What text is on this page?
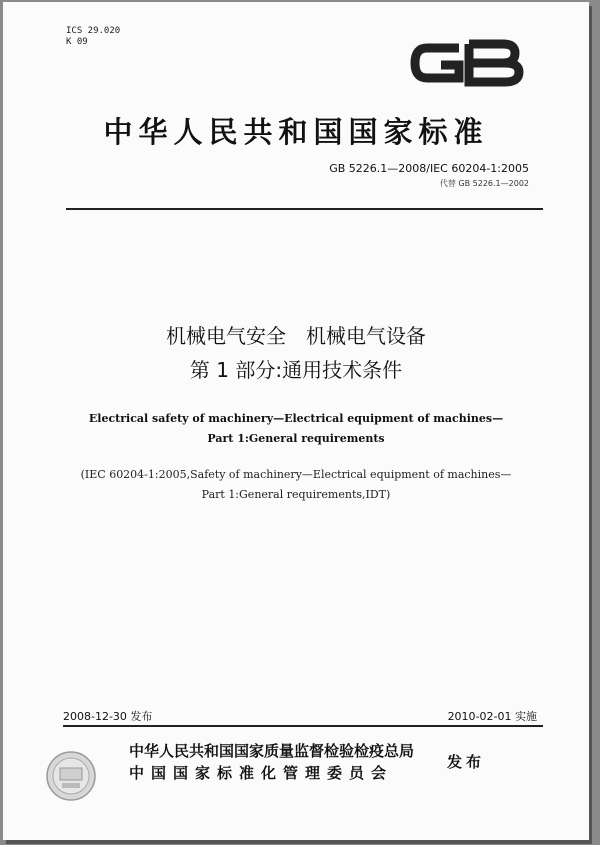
ICS 29.020
K 09
中华人民共和国国家标准
GB 5226.1—2008/IEC 60204-1:2005
代替 GB 5226.1—2002
机械电气安全　机械电气设备
第 1 部分:通用技术条件
Electrical safety of machinery—Electrical equipment of machines—
Part 1:General requirements
(IEC 60204-1:2005,Safety of machinery—Electrical equipment of machines—
Part 1:General requirements,IDT)
2008-12-30 发布	2010-02-01 实施
中华人民共和国国家质量监督检验检疫总局
中国国家标准化管理委员会
发布
